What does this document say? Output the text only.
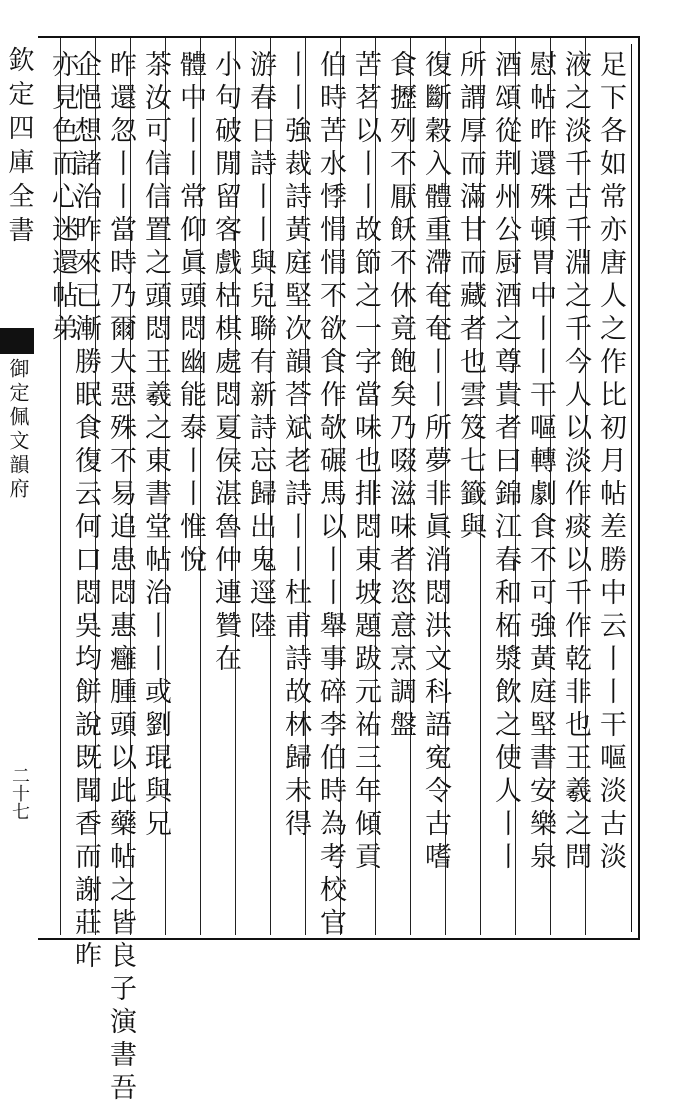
欽定四庫全書
御定佩文韻府
二十七	足下各如常亦唐人之作比初月帖差勝中云丨丨干嘔淡古淡
液之淡千古千淵之千今人以淡作痰以千作乾非也王羲之問
慰帖昨還殊頓胃中丨丨干嘔轉劇食不可強黃庭堅書安樂泉
酒頌從荆州公厨酒之尊貴者曰錦江春和柘漿飲之使人丨丨
所謂厚而滿甘而藏者也雲笈七籤與
復斷穀入體重滯奄奄丨丨所夢非眞消悶洪文科語寃令古嗜
食攊列不厭飫不休竟飽矣乃啜滋味者恣意烹調盤
苦茗以丨丨故節之一字當味也排悶東坡題跋元祐三年傾貢
伯時苦水悸悁悁不欲食作欹碾馬以丨丨舉事碎李伯時為考校官
丨丨強裁詩黃庭堅次韻荅斌老詩丨丨杜甫詩故林歸未得
游春日詩丨丨與兒聯有新詩忘歸出鬼逕陸
小句破閒留客戲枯棋處悶夏侯湛魯仲連贊在
體中丨丨常仰眞頭悶幽能泰丨丨惟悅
茶汝可信信置之頭悶王羲之東書堂帖治丨丨或劉琨與兄
昨還忽丨丨當時乃爾大惡殊不易追患悶惠癰腫頭以此藥帖之皆良子演書吾
企悒想諸治昨來已漸勝眠食復云何口悶吳均餅說既聞香而謝莊昨
亦見色而心迷還帖弟
